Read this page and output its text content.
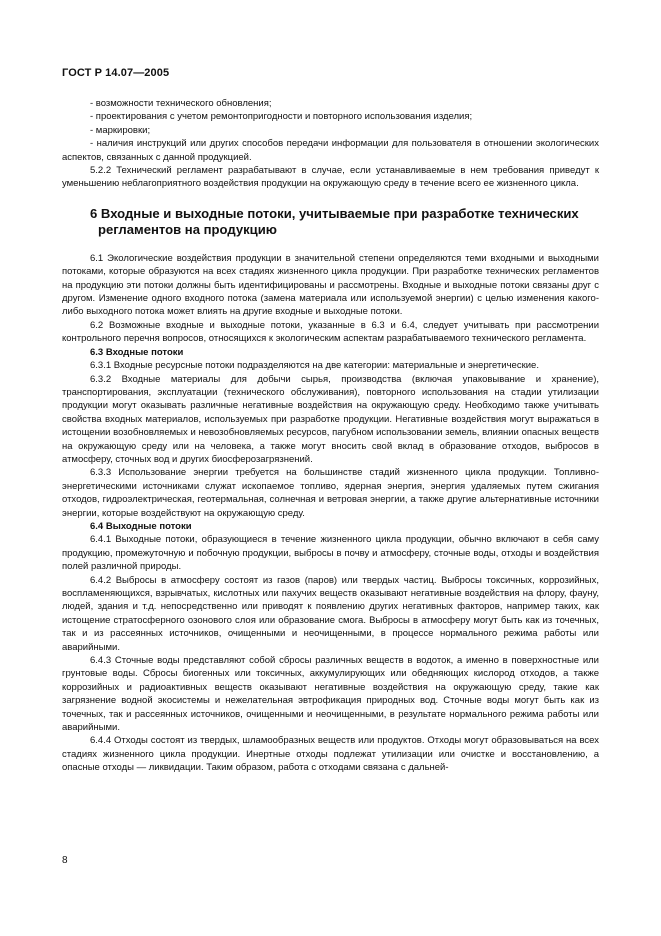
ГОСТ Р 14.07—2005

- возможности технического обновления;

- проектирования с учетом ремонтопригодности и повторного использования изделия;

- маркировки;

- наличия инструкций или других способов передачи информации для пользователя в отношении экологических аспектов, связанных с данной продукцией.

5.2.2 Технический регламент разрабатывают в случае, если устанавливаемые в нем требования приведут к уменьшению неблагоприятного воздействия продукции на окружающую среду в течение всего ее жизненного цикла.

6 Входные и выходные потоки, учитываемые при разработке технических
регламентов на продукцию

6.1 Экологические воздействия продукции в значительной степени определяются теми входными и выходными потоками, которые образуются на всех стадиях жизненного цикла продукции. При разработке технических регламентов на продукцию эти потоки должны быть идентифицированы и рассмотрены. Входные и выходные потоки связаны друг с другом. Изменение одного входного потока (замена материала или используемой энергии) с целью изменения какого-либо выходного потока может влиять на другие входные и выходные потоки.

6.2 Возможные входные и выходные потоки, указанные в 6.3 и 6.4, следует учитывать при рассмотрении контрольного перечня вопросов, относящихся к экологическим аспектам разрабатываемого технического регламента.

6.3 Входные потоки

6.3.1 Входные ресурсные потоки подразделяются на две категории: материальные и энергетические.

6.3.2 Входные материалы для добычи сырья, производства (включая упаковывание и хранение), транспортирования, эксплуатации (технического обслуживания), повторного использования на стадии утилизации продукции могут оказывать различные негативные воздействия на окружающую среду. Необходимо также учитывать свойства входных материалов, используемых при разработке продукции. Негативные воздействия могут выражаться в истощении возобновляемых и невозобновляемых ресурсов, пагубном использовании земель, влиянии опасных веществ на окружающую среду или на человека, а также могут вносить свой вклад в образование отходов, выбросов в атмосферу, сточных вод и других биосферозагрязнений.

6.3.3 Использование энергии требуется на большинстве стадий жизненного цикла продукции. Топливно-энергетическими источниками служат ископаемое топливо, ядерная энергия, энергия удаляемых путем сжигания отходов, гидроэлектрическая, геотермальная, солнечная и ветровая энергии, а также другие альтернативные источники энергии, которые воздействуют на окружающую среду.

6.4 Выходные потоки

6.4.1 Выходные потоки, образующиеся в течение жизненного цикла продукции, обычно включают в себя саму продукцию, промежуточную и побочную продукции, выбросы в почву и атмосферу, сточные воды, отходы и воздействия полей различной природы.

6.4.2 Выбросы в атмосферу состоят из газов (паров) или твердых частиц. Выбросы токсичных, коррозийных, воспламеняющихся, взрывчатых, кислотных или пахучих веществ оказывают негативные воздействия на флору, фауну, людей, здания и т.д. непосредственно или приводят к появлению других негативных факторов, например таких, как истощение стратосферного озонового слоя или образование смога. Выбросы в атмосферу могут быть как из точечных, так и из рассеянных источников, очищенными и неочищенными, в процессе нормального режима работы или аварийными.

6.4.3 Сточные воды представляют собой сбросы различных веществ в водоток, а именно в поверхностные или грунтовые воды. Сбросы биогенных или токсичных, аккумулирующих или обедняющих кислород отходов, а также коррозийных и радиоактивных веществ оказывают негативные воздействия на окружающую среду, такие как загрязнение водной экосистемы и нежелательная эвтрофикация природных вод. Сточные воды могут быть как из точечных, так и рассеянных источников, очищенными и неочищенными, в результате нормального режима работы или аварийными.

6.4.4 Отходы состоят из твердых, шламообразных веществ или продуктов. Отходы могут образовываться на всех стадиях жизненного цикла продукции. Инертные отходы подлежат утилизации или очистке и восстановлению, а опасные отходы — ликвидации. Таким образом, работа с отходами связана с дальней-

8
